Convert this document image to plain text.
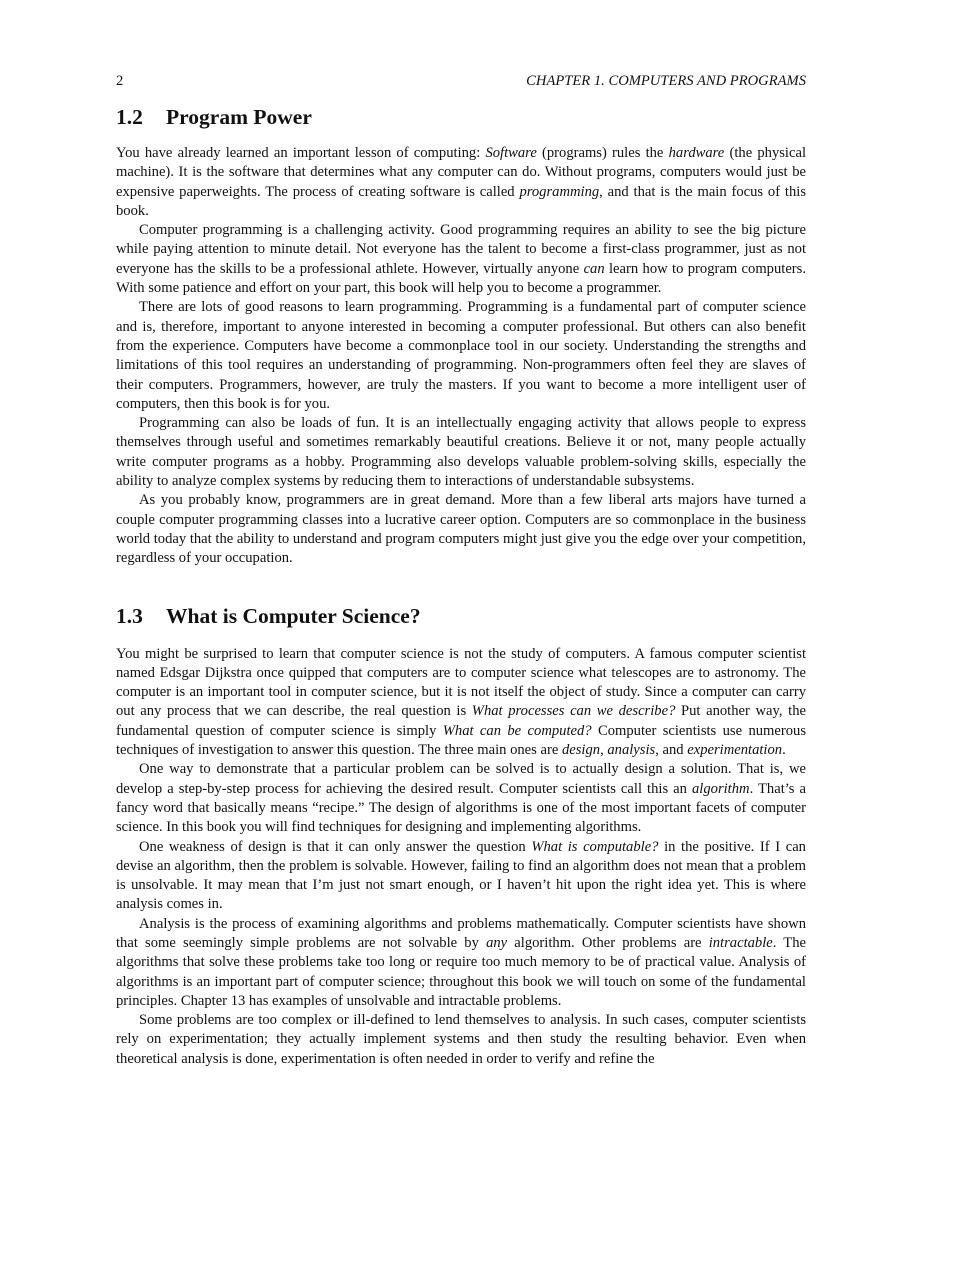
2	CHAPTER 1. COMPUTERS AND PROGRAMS
1.2 Program Power

You have already learned an important lesson of computing: Software (programs) rules the hardware (the physical machine). It is the software that determines what any computer can do. Without programs, computers would just be expensive paperweights. The process of creating software is called programming, and that is the main focus of this book.

Computer programming is a challenging activity. Good programming requires an ability to see the big picture while paying attention to minute detail. Not everyone has the talent to become a first-class programmer, just as not everyone has the skills to be a professional athlete. However, virtually anyone can learn how to program computers. With some patience and effort on your part, this book will help you to become a programmer.

There are lots of good reasons to learn programming. Programming is a fundamental part of computer science and is, therefore, important to anyone interested in becoming a computer professional. But others can also benefit from the experience. Computers have become a commonplace tool in our society. Understanding the strengths and limitations of this tool requires an understanding of programming. Non-programmers often feel they are slaves of their computers. Programmers, however, are truly the masters. If you want to become a more intelligent user of computers, then this book is for you.

Programming can also be loads of fun. It is an intellectually engaging activity that allows people to express themselves through useful and sometimes remarkably beautiful creations. Believe it or not, many people actually write computer programs as a hobby. Programming also develops valuable problem-solving skills, especially the ability to analyze complex systems by reducing them to interactions of understandable subsystems.

As you probably know, programmers are in great demand. More than a few liberal arts majors have turned a couple computer programming classes into a lucrative career option. Computers are so commonplace in the business world today that the ability to understand and program computers might just give you the edge over your competition, regardless of your occupation.

1.3 What is Computer Science?

You might be surprised to learn that computer science is not the study of computers. A famous computer scientist named Edsgar Dijkstra once quipped that computers are to computer science what telescopes are to astronomy. The computer is an important tool in computer science, but it is not itself the object of study. Since a computer can carry out any process that we can describe, the real question is What processes can we describe? Put another way, the fundamental question of computer science is simply What can be computed? Computer scientists use numerous techniques of investigation to answer this question. The three main ones are design, analysis, and experimentation.

One way to demonstrate that a particular problem can be solved is to actually design a solution. That is, we develop a step-by-step process for achieving the desired result. Computer scientists call this an algorithm. That’s a fancy word that basically means “recipe.” The design of algorithms is one of the most important facets of computer science. In this book you will find techniques for designing and implementing algorithms.

One weakness of design is that it can only answer the question What is computable? in the positive. If I can devise an algorithm, then the problem is solvable. However, failing to find an algorithm does not mean that a problem is unsolvable. It may mean that I’m just not smart enough, or I haven’t hit upon the right idea yet. This is where analysis comes in.

Analysis is the process of examining algorithms and problems mathematically. Computer scientists have shown that some seemingly simple problems are not solvable by any algorithm. Other problems are intractable. The algorithms that solve these problems take too long or require too much memory to be of practical value. Analysis of algorithms is an important part of computer science; throughout this book we will touch on some of the fundamental principles. Chapter 13 has examples of unsolvable and intractable problems.

Some problems are too complex or ill-defined to lend themselves to analysis. In such cases, computer scientists rely on experimentation; they actually implement systems and then study the resulting behavior. Even when theoretical analysis is done, experimentation is often needed in order to verify and refine the
